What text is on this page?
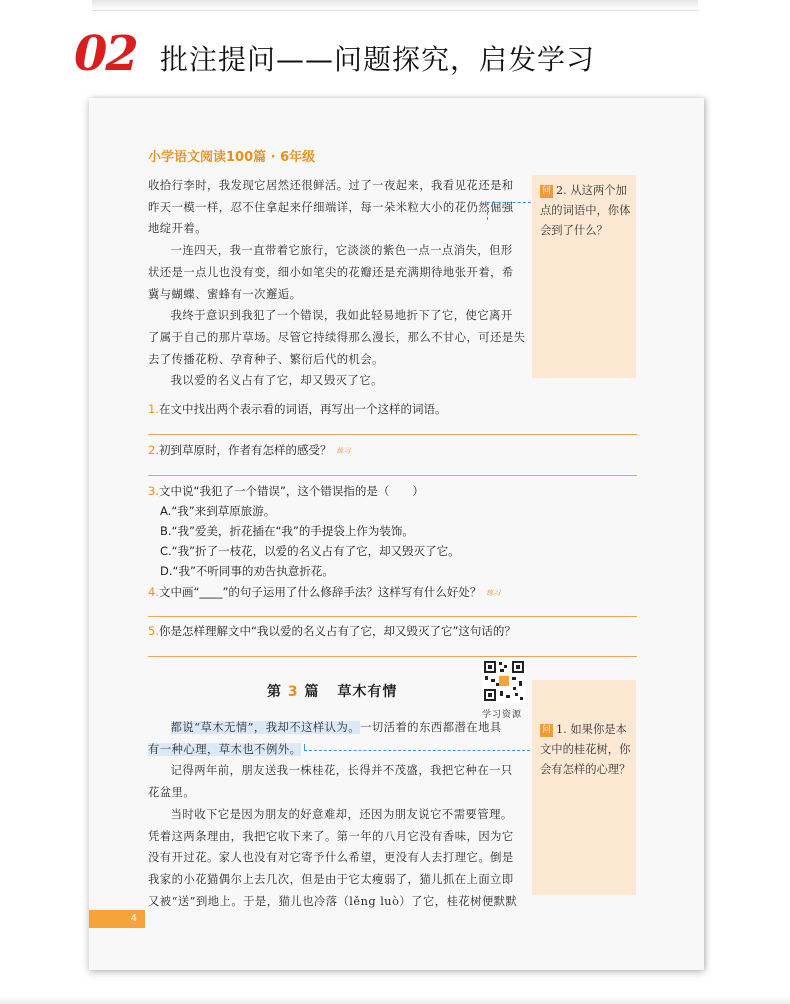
02 批注提问——问题探究，启发学习
小学语文阅读100篇 · 6年级

收拾行李时，我发现它居然还很鲜活。过了一夜起来，我看见花还是和

昨天一模一样，忍不住拿起来仔细端详，每一朵米粒大小的花仍然倔强

地绽开着。

一连四天，我一直带着它旅行，它淡淡的紫色一点一点消失，但形

状还是一点儿也没有变，细小如笔尖的花瓣还是充满期待地张开着，希

冀与蝴蝶、蜜蜂有一次邂逅。

我终于意识到我犯了一个错误，我如此轻易地折下了它，使它离开

了属于自己的那片草场。尽管它持续得那么漫长，那么不甘心，可还是失

去了传播花粉、孕育种子、繁衍后代的机会。

我以爱的名义占有了它，却又毁灭了它。

问 2. 从这两个加点的词语中，你体会到了什么？
1.在文中找出两个表示看的词语，再写出一个这样的词语。
2.初到草原时，作者有怎样的感受？ 练习
3.文中说“我犯了一个错误”，这个错误指的是（　　）
A.“我”来到草原旅游。
B.“我”爱美，折花插在“我”的手提袋上作为装饰。
C.“我”折了一枝花，以爱的名义占有了它，却又毁灭了它。
D.“我”不听同事的劝告执意折花。
4.文中画“____”的句子运用了什么修辞手法？这样写有什么好处？ 练习
5.你是怎样理解文中“我以爱的名义占有了它，却又毁灭了它”这句话的？
第 3 篇 草木有情
学习资源
问 1. 如果你是本文中的桂花树，你会有怎样的心理？

都说“草木无情”，我却不这样认为。一切活着的东西都潜在地具

有一种心理，草木也不例外。

记得两年前，朋友送我一株桂花，长得并不茂盛，我把它种在一只

花盆里。

当时收下它是因为朋友的好意难却，还因为朋友说它不需要管理。

凭着这两条理由，我把它收下来了。第一年的八月它没有香味，因为它

没有开过花。家人也没有对它寄予什么希望，更没有人去打理它。倒是

我家的小花猫偶尔上去几次，但是由于它太瘦弱了，猫儿抓在上面立即

又被“送”到地上。于是，猫儿也冷落（lěng luò）了它，桂花树便默默

4
